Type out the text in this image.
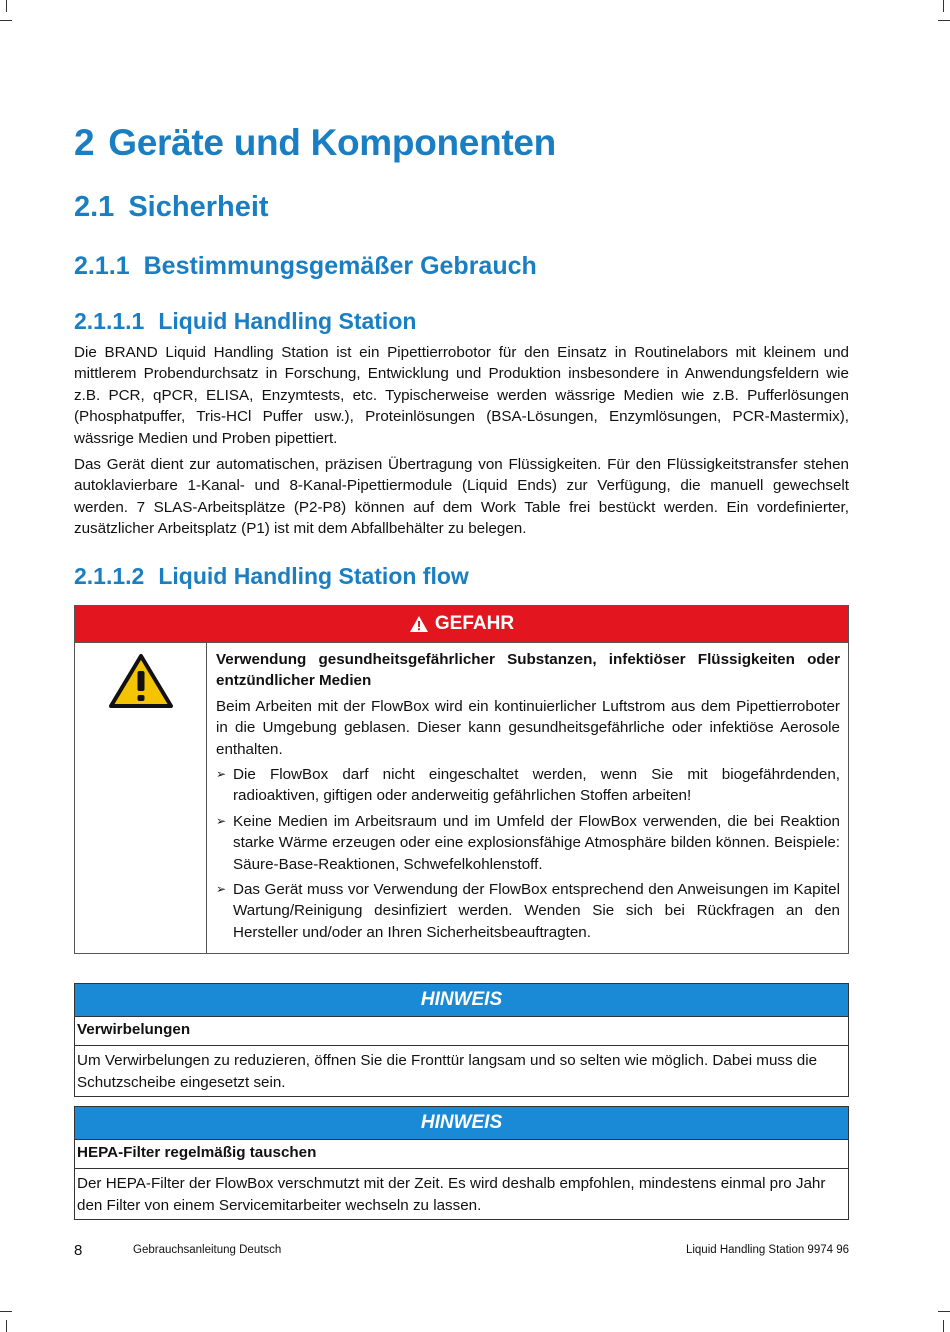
2 Geräte und Komponenten
2.1 Sicherheit
2.1.1 Bestimmungsgemäßer Gebrauch
2.1.1.1 Liquid Handling Station

Die BRAND Liquid Handling Station ist ein Pipettierrobotor für den Einsatz in Routinelabors mit kleinem und mittlerem Probendurchsatz in Forschung, Entwicklung und Produktion insbesondere in Anwendungsfeldern wie z.B. PCR, qPCR, ELISA, Enzymtests, etc. Typischerweise werden wässrige Medien wie z.B. Pufferlösungen (Phosphatpuffer, Tris-HCl Puffer usw.), Proteinlösungen (BSA-Lösungen, Enzymlösungen, PCR-Mastermix), wässrige Medien und Proben pipettiert.

Das Gerät dient zur automatischen, präzisen Übertragung von Flüssigkeiten. Für den Flüssigkeitstransfer stehen autoklavierbare 1-Kanal- und 8-Kanal-Pipettiermodule (Liquid Ends) zur Verfügung, die manuell gewechselt werden. 7 SLAS-Arbeitsplätze (P2-P8) können auf dem Work Table frei bestückt werden. Ein vordefinierter, zusätzlicher Arbeitsplatz (P1) ist mit dem Abfallbehälter zu belegen.

2.1.1.2 Liquid Handling Station flow
GEFAHR

Verwendung gesundheitsgefährlicher Substanzen, infektiöser Flüssigkeiten oder entzündlicher Medien

Beim Arbeiten mit der FlowBox wird ein kontinuierlicher Luftstrom aus dem Pipettierroboter in die Umgebung geblasen. Dieser kann gesundheitsgefährliche oder infektiöse Aerosole enthalten.

➢ Die FlowBox darf nicht eingeschaltet werden, wenn Sie mit biogefährdenden, radioaktiven, giftigen oder anderweitig gefährlichen Stoffen arbeiten!
➢ Keine Medien im Arbeitsraum und im Umfeld der FlowBox verwenden, die bei Reaktion starke Wärme erzeugen oder eine explosionsfähige Atmosphäre bilden können. Beispiele: Säure-Base-Reaktionen, Schwefelkohlenstoff.
➢ Das Gerät muss vor Verwendung der FlowBox entsprechend den Anweisungen im Kapitel Wartung/Reinigung desinfiziert werden. Wenden Sie sich bei Rückfragen an den Hersteller und/oder an Ihren Sicherheitsbeauftragten.
HINWEIS

Verwirbelungen

Um Verwirbelungen zu reduzieren, öffnen Sie die Fronttür langsam und so selten wie möglich. Dabei muss die Schutzscheibe eingesetzt sein.

HINWEIS

HEPA-Filter regelmäßig tauschen

Der HEPA-Filter der FlowBox verschmutzt mit der Zeit. Es wird deshalb empfohlen, mindestens einmal pro Jahr den Filter von einem Servicemitarbeiter wechseln zu lassen.

8	Gebrauchsanleitung Deutsch	Liquid Handling Station 9974 96
